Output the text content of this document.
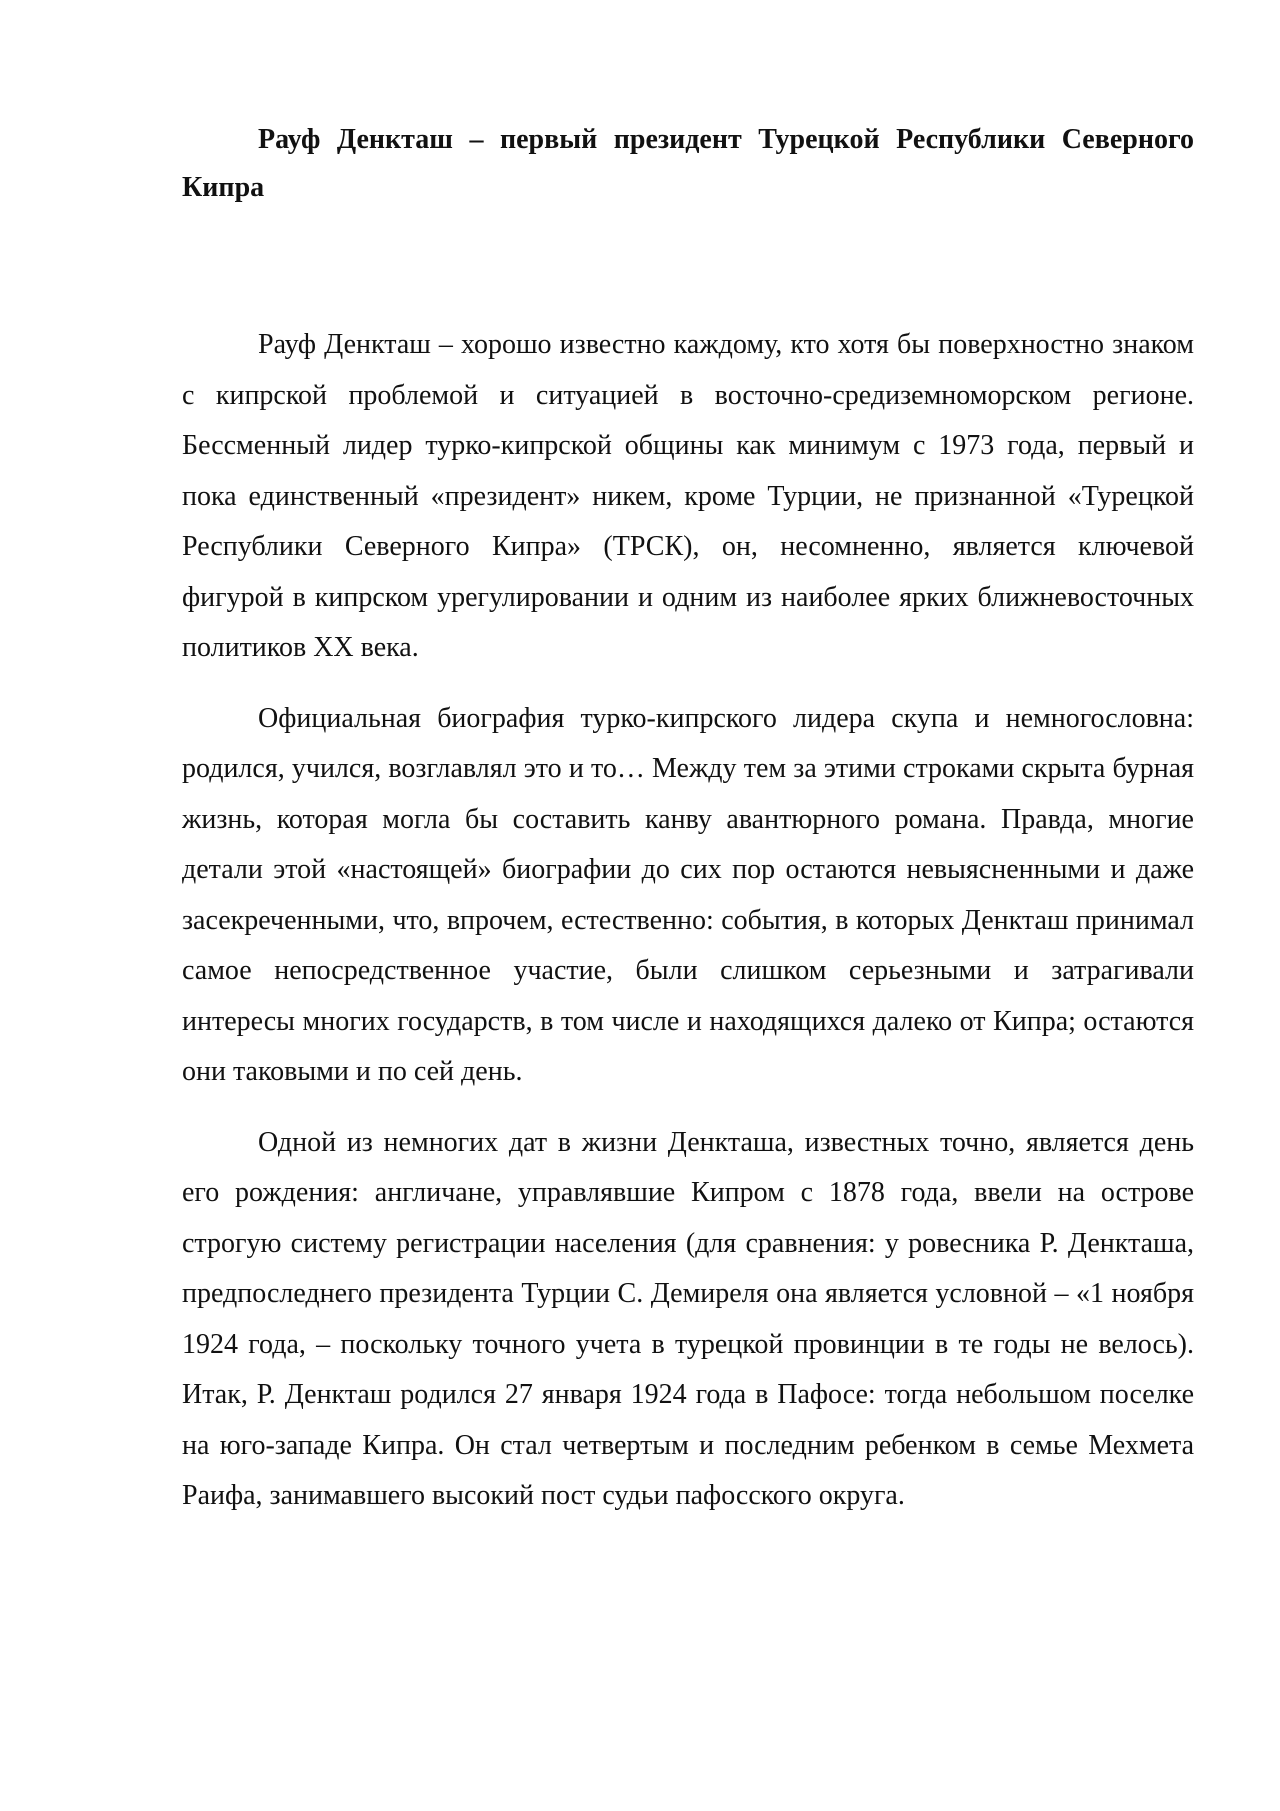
Рауф Денкташ – первый президент Турецкой Республики Северного Кипра

Рауф Денкташ – хорошо известно каждому, кто хотя бы поверхностно знаком с кипрской проблемой и ситуацией в восточно-средиземноморском регионе. Бессменный лидер турко-кипрской общины как минимум с 1973 года, первый и пока единственный «президент» никем, кроме Турции, не признанной «Турецкой Республики Северного Кипра» (ТРСК), он, несомненно, является ключевой фигурой в кипрском урегулировании и одним из наиболее ярких ближневосточных политиков XX века.

Официальная биография турко-кипрского лидера скупа и немногословна: родился, учился, возглавлял это и то… Между тем за этими строками скрыта бурная жизнь, которая могла бы составить канву авантюрного романа. Правда, многие детали этой «настоящей» биографии до сих пор остаются невыясненными и даже засекреченными, что, впрочем, естественно: события, в которых Денкташ принимал самое непосредственное участие, были слишком серьезными и затрагивали интересы многих государств, в том числе и находящихся далеко от Кипра; остаются они таковыми и по сей день.

Одной из немногих дат в жизни Денкташа, известных точно, является день его рождения: англичане, управлявшие Кипром с 1878 года, ввели на острове строгую систему регистрации населения (для сравнения: у ровесника Р. Денкташа, предпоследнего президента Турции С. Демиреля она является условной – «1 ноября 1924 года, – поскольку точного учета в турецкой провинции в те годы не велось). Итак, Р. Денкташ родился 27 января 1924 года в Пафосе: тогда небольшом поселке на юго-западе Кипра. Он стал четвертым и последним ребенком в семье Мехмета Раифа, занимавшего высокий пост судьи пафосского округа.
